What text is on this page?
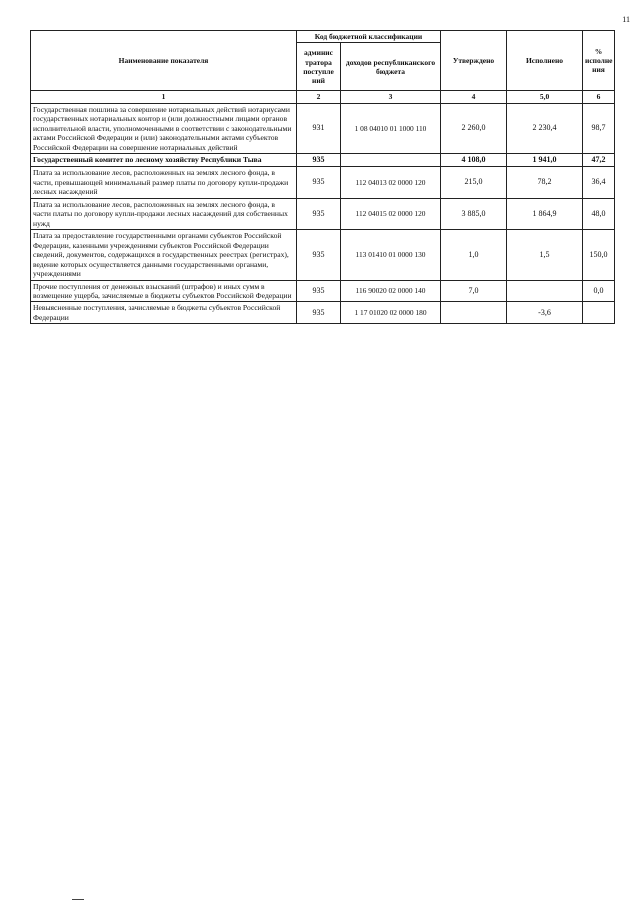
11
Наименование показателя	Код бюджетной классификации		Утверждено	Исполнено	% исполне ния
	админис тратора поступле ний	доходов республиканского бюджета			
1	2	3	4	5,0	6
Государственная пошлина за совершение нотариальных действий нотариусами государственных нотариальных контор и (или должностными лицами органов исполнительной власти, уполномоченными в соответствии с законодательными актами Российской Федерации и (или) законодательными актами субъектов Российской Федерации на совершение нотариальных действий	931	1 08 04010 01 1000 110	2 260,0	2 230,4	98,7
Государственный комитет по лесному хозяйству Республики Тыва	935		4 108,0	1 941,0	47,2
Плата за использование лесов, расположенных на землях лесного фонда, в части, превышающей минимальный размер платы по договору купли-продажи лесных насаждений	935	112 04013 02 0000 120	215,0	78,2	36,4
Плата за использование лесов, расположенных на землях лесного фонда, в части платы по договору купли-продажи лесных насаждений для собственных нужд	935	112 04015 02 0000 120	3 885,0	1 864,9	48,0
Плата за предоставление государственными органами субъектов Российской Федерации, казенными учреждениями субъектов Российской Федерации сведений, документов, содержащихся в государственных реестрах (регистрах), ведение которых осуществляется данными государственными органами, учреждениями	935	113 01410 01 0000 130	1,0	1,5	150,0
Прочие поступления от денежных взысканий (штрафов) и иных сумм в возмещение ущерба, зачисляемые в бюджеты субъектов Российской Федерации	935	116 90020 02 0000 140	7,0		0,0
Невыясненные поступления, зачисляемые в бюджеты субъектов Российской Федерации	935	1 17 01020 02 0000 180		-3,6	
